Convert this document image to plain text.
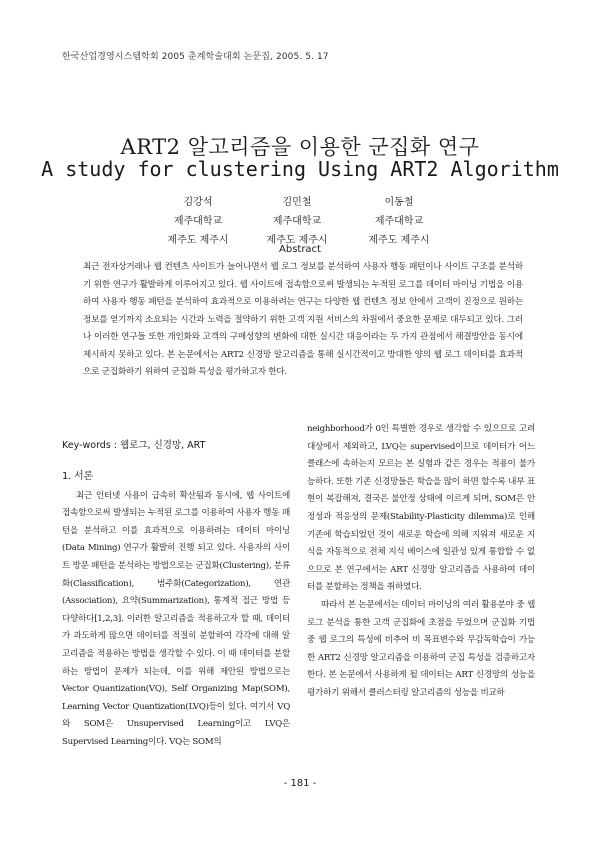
한국산업경영시스템학회 2005 춘계학술대회 논문집, 2005. 5. 17
ART2 알고리즘을 이용한 군집화 연구
A study for clustering Using ART2 Algorithm
김강석
제주대학교
제주도 제주시
김민철
제주대학교
제주도 제주시
이동철
제주대학교
제주도 제주시
Abstract
최근 전자상거래나 웹 컨텐츠 사이트가 늘어나면서 웹 로그 정보를 분석하여 사용자 행동 패턴이나 사이트 구조를 분석하기 위한 연구가 활발하게 이루어지고 있다. 웹 사이트에 접속함으로써 발생되는 누적된 로그를 데이터 마이닝 기법을 이용하여 사용자 행동 패턴을 분석하여 효과적으로 이용하려는 연구는 다양한 웹 컨텐츠 정보 안에서 고객이 진정으로 원하는 정보를 얻기까지 소요되는 시간과 노력을 절약하기 위한 고객 지원 서비스의 차원에서 중요한 문제로 대두되고 있다. 그러나 이러한 연구들 또한 개인화와 고객의 구매성향의 변화에 대한 실시간 대응이라는 두 가지 관점에서 해결방안을 동시에 제시하지 못하고 있다. 본 논문에서는 ART2 신경망 알고리즘을 통해 실시간적이고 방대한 양의 웹 로그 데이터를 효과적으로 군집화하기 위하여 군집화 특성을 평가하고자 한다.
Key-words : 웹로그, 신경망, ART
1. 서론

최근 인터넷 사용이 급속히 확산됨과 동시에, 웹 사이트에 접속함으로써 발생되는 누적된 로그를 이용하여 사용자 행동 패턴을 분석하고 이를 효과적으로 이용하려는 데이터 마이닝(Data Mining) 연구가 활발히 진행 되고 있다. 사용자의 사이트 방문 패턴을 분석하는 방법으로는 군집화(Clustering), 분류화(Classification), 범주화(Categorization), 연관(Association), 요약(Summarization), 통계적 접근 방법 등 다양하다[1,2,3]. 이러한 알고리즘을 적용하고자 할 때, 데이터가 과도하게 많으면 데이터를 적절히 분할하여 각각에 대해 알고리즘을 적용하는 방법을 생각할 수 있다. 이 때 데이터를 분할하는 방법이 문제가 되는데, 이를 위해 제안된 방법으로는 Vector Quantization(VQ), Self Organizing Map(SOM), Learning Vector Quantization(LVQ)등이 있다. 여기서 VQ와 SOM은 Unsupervised Learning이고 LVQ은 Supervised Learning이다. VQ는 SOM의

neighborhood가 0인 특별한 경우로 생각할 수 있으므로 고려 대상에서 제외하고, LVQ는 supervised이므로 데이터가 어느 클래스에 속하는지 모르는 본 실험과 같은 경우는 적용이 불가능하다. 또한 기존 신경망들은 학습을 많이 하면 할수록 내부 표현이 복잡해져, 결국은 불안정 상태에 이르게 되며, SOM은 안정성과 적응성의 문제(Stability-Plasticity dilemma)로 인해 기존에 학습되었던 것이 새로운 학습에 의해 지워져 새로운 지식을 자동적으로 전체 지식 베이스에 일관성 있게 통합할 수 없으므로 본 연구에서는 ART 신경망 알고리즘을 사용하여 데이터를 분할하는 정책을 취하였다.

따라서 본 논문에서는 데이터 마이닝의 여러 활용분야 중 웹 로그 분석을 통한 고객 군집화에 초점을 두었으며 군집화 기법 중 웹 로그의 특성에 비추어 비 목표변수와 무감독학습이 가능한 ART2 신경망 알고리즘을 이용하여 군집 특성을 검증하고자 한다. 본 논문에서 사용하게 될 데이터는 ART 신경망의 성능을 평가하기 위해서 클러스터링 알고리즘의 성능을 비교하

- 181 -
